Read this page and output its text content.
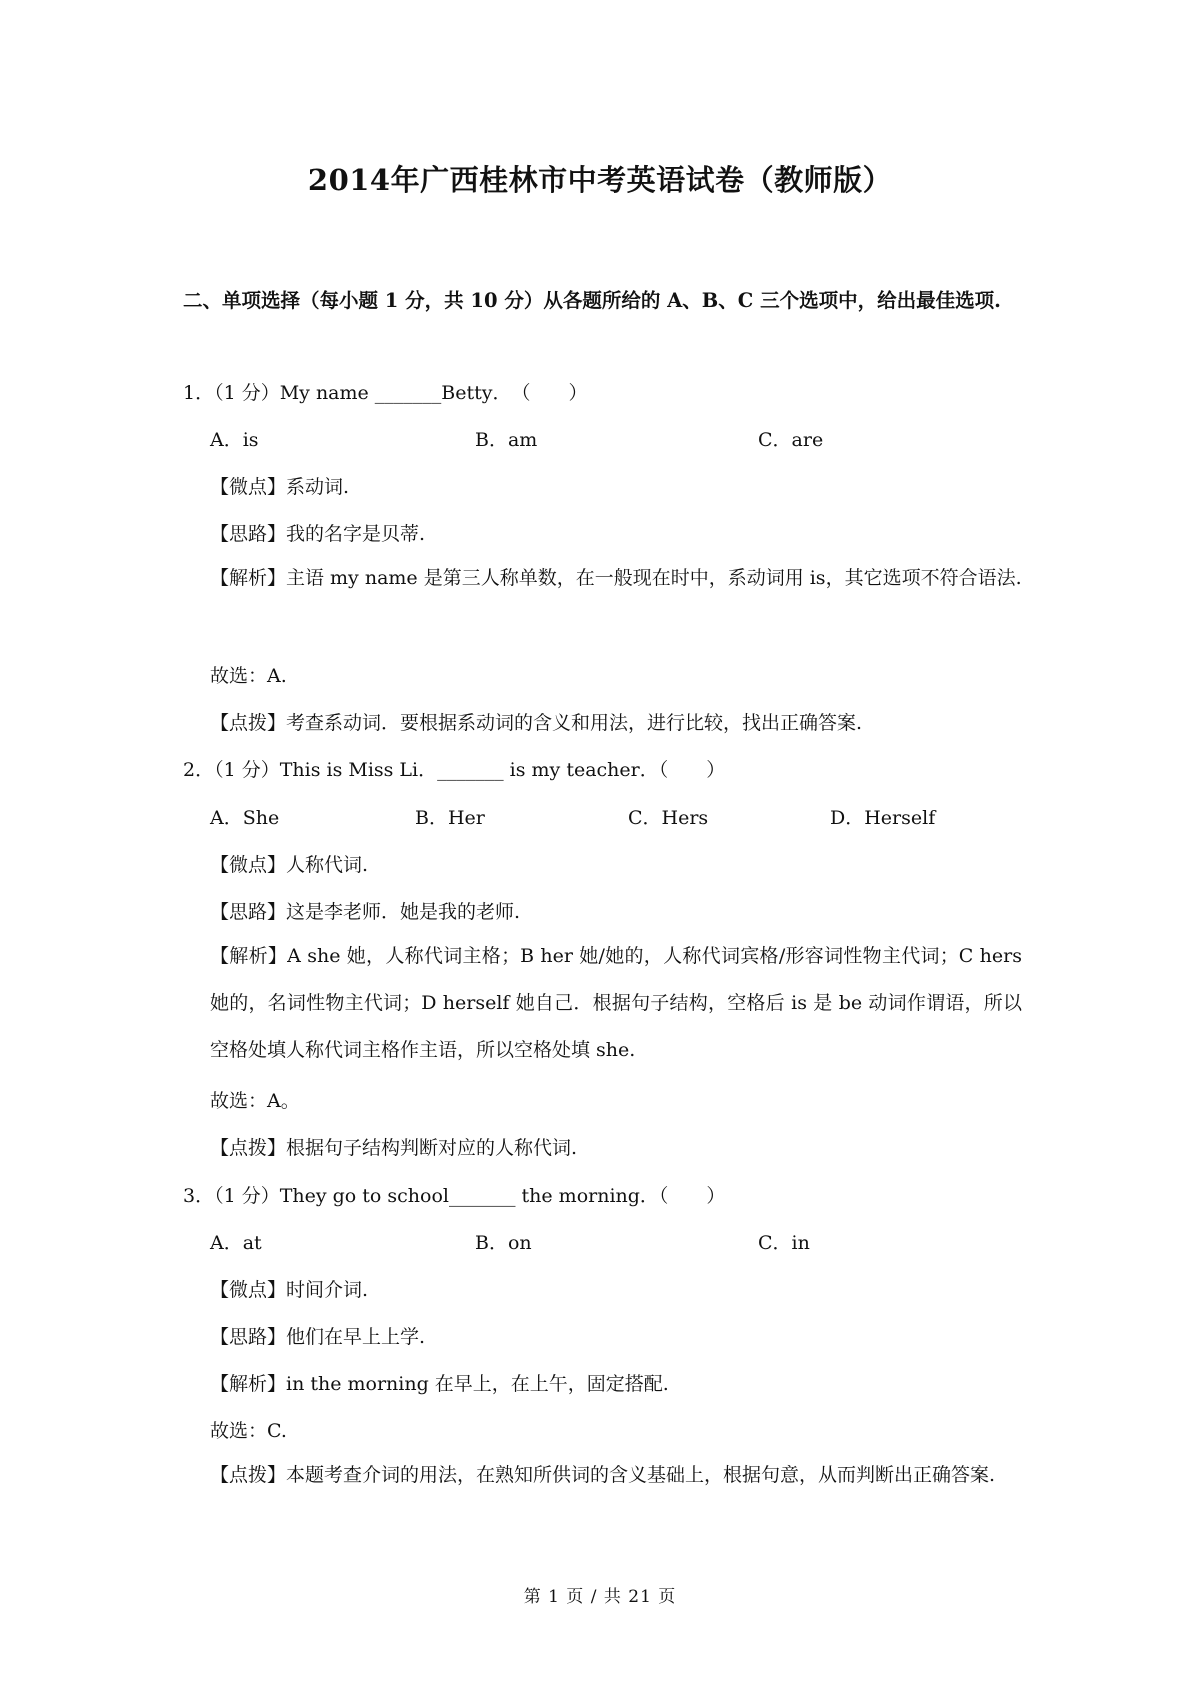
2014年广西桂林市中考英语试卷（教师版）
二、单项选择（每小题 1 分，共 10 分）从各题所给的 A、B、C 三个选项中，给出最佳选项.
1．（1 分）My name _______Betty．　（　　）
A．is	B．am	C．are
【微点】系动词.
【思路】我的名字是贝蒂.
【解析】主语 my name 是第三人称单数，在一般现在时中，系动词用 is，其它选项不符合语法.
故选：A.
【点拨】考查系动词．要根据系动词的含义和用法，进行比较，找出正确答案.
2．（1 分）This is Miss Li．_______ is my teacher．（　　）
A．She	B．Her	C．Hers	D．Herself
【微点】人称代词.
【思路】这是李老师．她是我的老师.
【解析】A she 她，人称代词主格；B her 她/她的，人称代词宾格/形容词性物主代词；C hers 她的，名词性物主代词；D herself 她自己．根据句子结构，空格后 is 是 be 动词作谓语，所以空格处填人称代词主格作主语，所以空格处填 she.
故选：A。
【点拨】根据句子结构判断对应的人称代词.
3．（1 分）They go to school_______ the morning．（　　）
A．at	B．on	C．in
【微点】时间介词.
【思路】他们在早上上学.
【解析】in the morning 在早上，在上午，固定搭配.
故选：C.
【点拨】本题考查介词的用法，在熟知所供词的含义基础上，根据句意，从而判断出正确答案.
第 1 页 / 共 21 页
